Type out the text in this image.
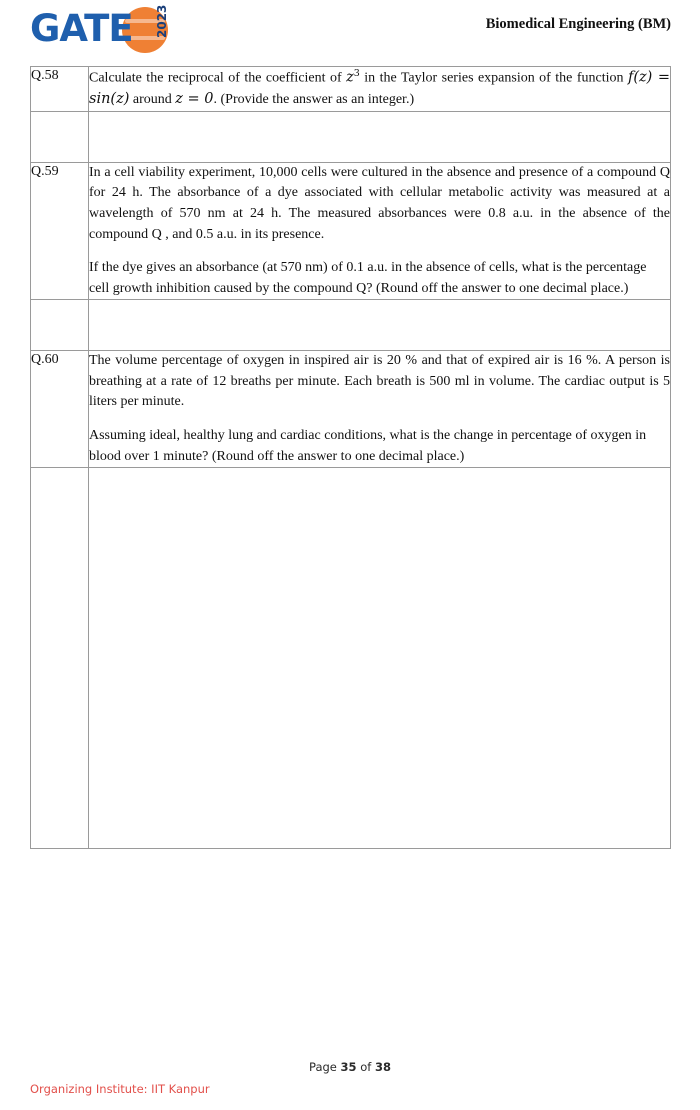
GATE 2023	Biomedical Engineering (BM)
Q.58	Calculate the reciprocal of the coefficient of $z^3$ in the Taylor series expansion of the function f(z) = sin(z) around z = 0. (Provide the answer as an integer.)

Q.59	In a cell viability experiment, 10,000 cells were cultured in the absence and presence of a compound Q for 24 h. The absorbance of a dye associated with cellular metabolic activity was measured at a wavelength of 570 nm at 24 h. The measured absorbances were 0.8 a.u. in the absence of the compound Q , and 0.5 a.u. in its presence.

If the dye gives an absorbance (at 570 nm) of 0.1 a.u. in the absence of cells, what is the percentage cell growth inhibition caused by the compound Q? (Round off the answer to one decimal place.)

Q.60	The volume percentage of oxygen in inspired air is 20 % and that of expired air is 16 %. A person is breathing at a rate of 12 breaths per minute. Each breath is 500 ml in volume. The cardiac output is 5 liters per minute.

Assuming ideal, healthy lung and cardiac conditions, what is the change in percentage of oxygen in blood over 1 minute? (Round off the answer to one decimal place.)

Page 35 of 38
Organizing Institute: IIT Kanpur
